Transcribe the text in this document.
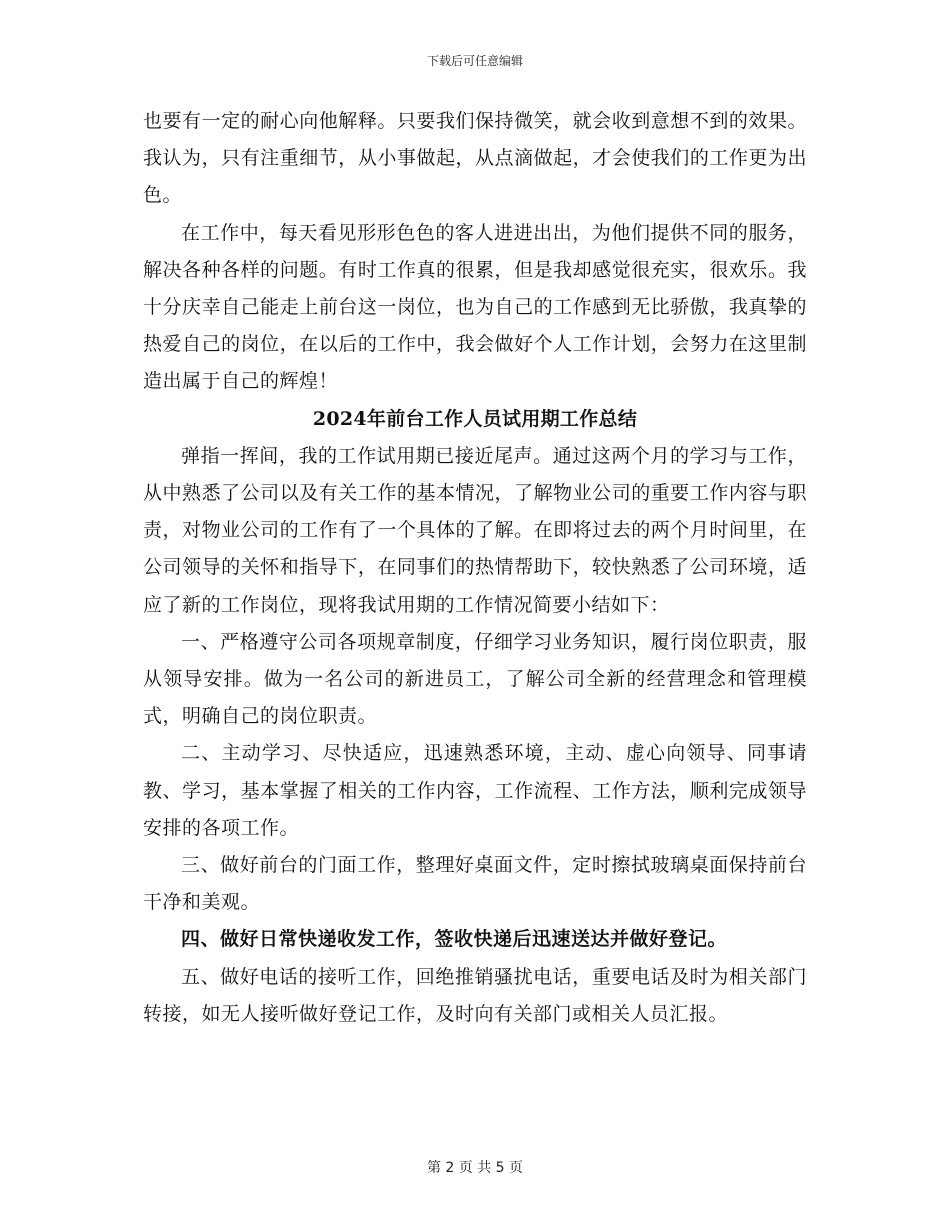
下载后可任意编辑

也要有一定的耐心向他解释。只要我们保持微笑，就会收到意想不到的效果。我认为，只有注重细节，从小事做起，从点滴做起，才会使我们的工作更为出色。

在工作中，每天看见形形色色的客人进进出出，为他们提供不同的服务，解决各种各样的问题。有时工作真的很累，但是我却感觉很充实，很欢乐。我十分庆幸自己能走上前台这一岗位，也为自己的工作感到无比骄傲，我真挚的热爱自己的岗位，在以后的工作中，我会做好个人工作计划，会努力在这里制造出属于自己的辉煌！

2024年前台工作人员试用期工作总结

弹指一挥间，我的工作试用期已接近尾声。通过这两个月的学习与工作，从中熟悉了公司以及有关工作的基本情况，了解物业公司的重要工作内容与职责，对物业公司的工作有了一个具体的了解。在即将过去的两个月时间里，在公司领导的关怀和指导下，在同事们的热情帮助下，较快熟悉了公司环境，适应了新的工作岗位，现将我试用期的工作情况简要小结如下：

一、严格遵守公司各项规章制度，仔细学习业务知识，履行岗位职责，服从领导安排。做为一名公司的新进员工，了解公司全新的经营理念和管理模式，明确自己的岗位职责。

二、主动学习、尽快适应，迅速熟悉环境，主动、虚心向领导、同事请教、学习，基本掌握了相关的工作内容，工作流程、工作方法，顺利完成领导安排的各项工作。

三、做好前台的门面工作，整理好桌面文件，定时擦拭玻璃桌面保持前台干净和美观。

四、做好日常快递收发工作，签收快递后迅速送达并做好登记。

五、做好电话的接听工作，回绝推销骚扰电话，重要电话及时为相关部门转接，如无人接听做好登记工作，及时向有关部门或相关人员汇报。

第 2 页 共 5 页
